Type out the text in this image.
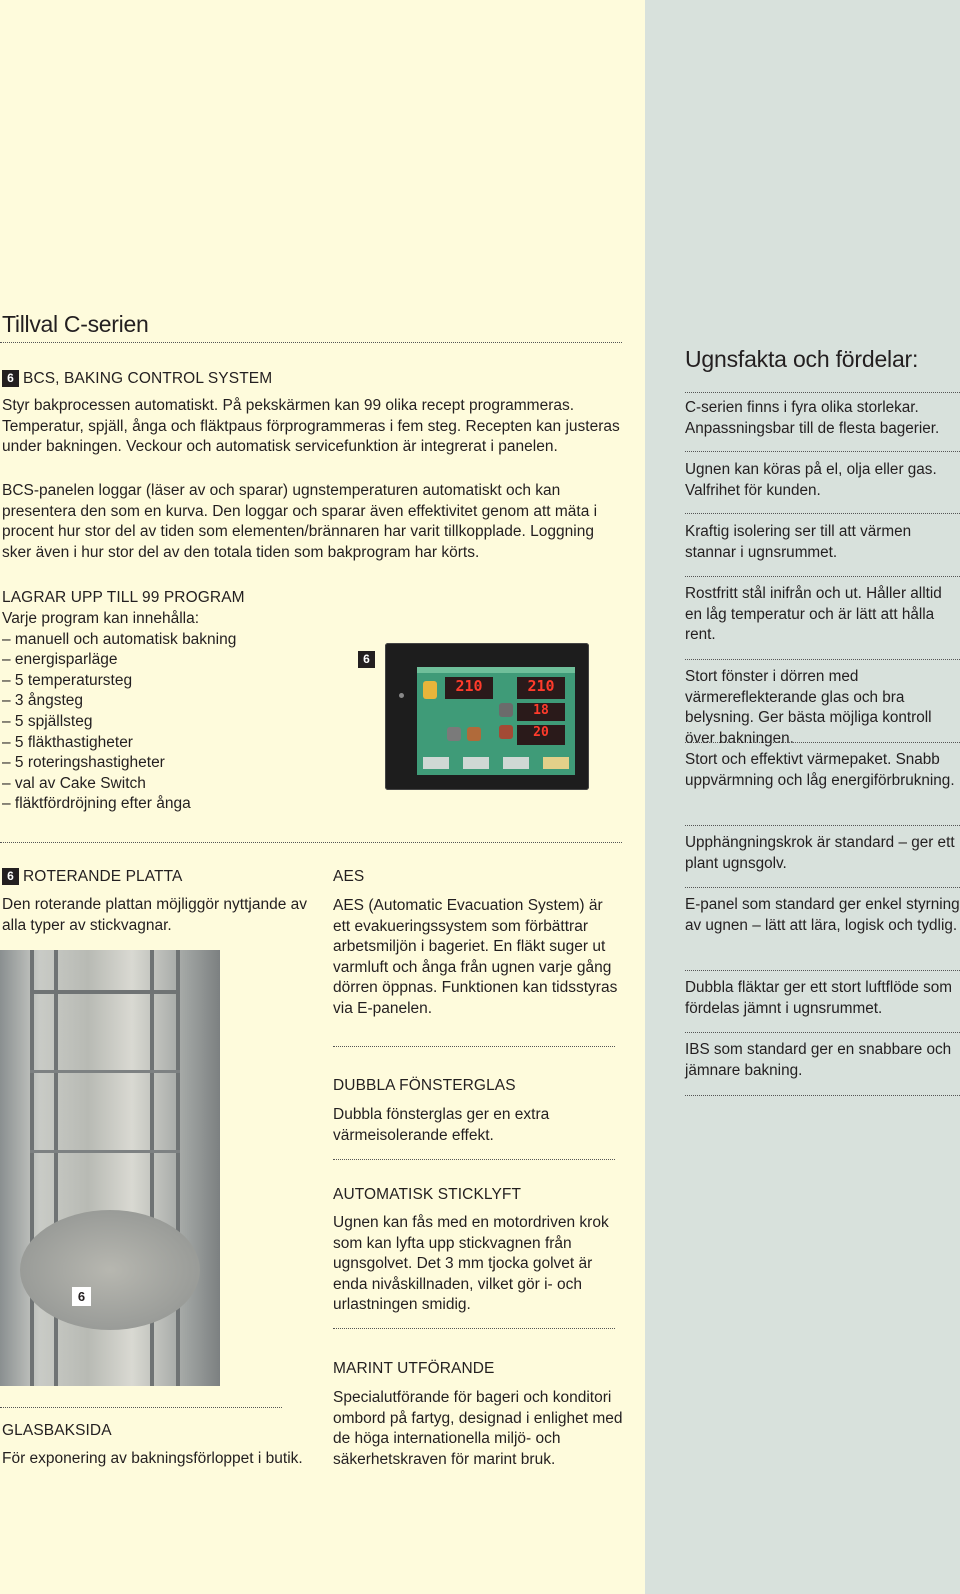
Tillval C-serien
6 BCS, BAKING CONTROL SYSTEM
Styr bakprocessen automatiskt. På pekskärmen kan 99 olika recept programmeras. Temperatur, spjäll, ånga och fläktpaus förprogrammeras i fem steg. Recepten kan justeras under bakningen. Veckour och automatisk servicefunktion är integrerat i panelen.
BCS-panelen loggar (läser av och sparar) ugnstemperaturen automatiskt och kan presentera den som en kurva. Den loggar och sparar även effektivitet genom att mäta i procent hur stor del av tiden som elementen/brännaren har varit tillkopplade. Loggning sker även i hur stor del av den totala tiden som bakprogram har körts.
LAGRAR UPP TILL 99 PROGRAM
Varje program kan innehålla:
– manuell och automatisk bakning
– energisparläge
– 5 temperatursteg
– 3 ångsteg
– 5 spjällsteg
– 5 fläkthastigheter
– 5 roteringshastigheter
– val av Cake Switch
– fläktfördröjning efter ånga
6
210	210
18
20
6 ROTERANDE PLATTA
Den roterande plattan möjliggör nyttjande av alla typer av stickvagnar.
6
GLASBAKSIDA
För exponering av bakningsförloppet i butik.
AES
AES (Automatic Evacuation System) är ett evakueringssystem som förbättrar arbetsmiljön i bageriet. En fläkt suger ut varmluft och ånga från ugnen varje gång dörren öppnas. Funktionen kan tidsstyras via E-panelen.
DUBBLA FÖNSTERGLAS
Dubbla fönsterglas ger en extra värmeisolerande effekt.
AUTOMATISK STICKLYFT
Ugnen kan fås med en motordriven krok som kan lyfta upp stickvagnen från ugnsgolvet. Det 3 mm tjocka golvet är enda nivåskillnaden, vilket gör i- och urlastningen smidig.
MARINT UTFÖRANDE
Specialutförande för bageri och konditori ombord på fartyg, designad i enlighet med de höga internationella miljö- och säkerhetskraven för marint bruk.
Ugnsfakta och fördelar:
C-serien finns i fyra olika storlekar. Anpassningsbar till de flesta bagerier.
Ugnen kan köras på el, olja eller gas. Valfrihet för kunden.
Kraftig isolering ser till att värmen stannar i ugnsrummet.
Rostfritt stål inifrån och ut. Håller alltid en låg temperatur och är lätt att hålla rent.
Stort fönster i dörren med värmereflekterande glas och bra belysning. Ger bästa möjliga kontroll över bakningen.
Stort och effektivt värmepaket. Snabb uppvärmning och låg energiförbrukning.
Upphängningskrok är standard – ger ett plant ugnsgolv.
E-panel som standard ger enkel styrning av ugnen – lätt att lära, logisk och tydlig.
Dubbla fläktar ger ett stort luftflöde som fördelas jämnt i ugnsrummet.
IBS som standard ger en snabbare och jämnare bakning.
